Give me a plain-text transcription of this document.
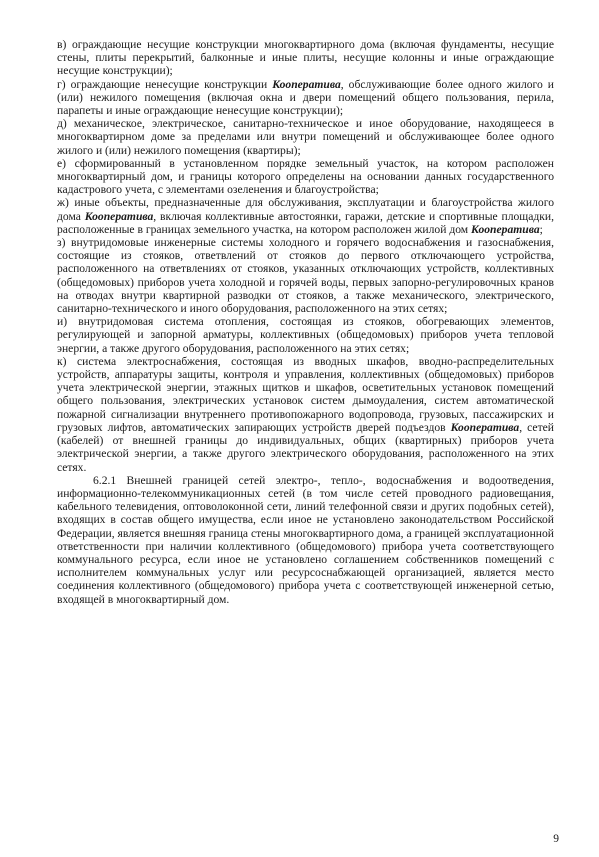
в) ограждающие несущие конструкции многоквартирного дома (включая фундаменты, несущие стены, плиты перекрытий, балконные и иные плиты, несущие колонны и иные ограждающие несущие конструкции);

г) ограждающие ненесущие конструкции Кооператива, обслуживающие более одного жилого и (или) нежилого помещения (включая окна и двери помещений общего пользования, перила, парапеты и иные ограждающие ненесущие конструкции);

д) механическое, электрическое, санитарно-техническое и иное оборудование, находящееся в многоквартирном доме за пределами или внутри помещений и обслуживающее более одного жилого и (или) нежилого помещения (квартиры);

е) сформированный в установленном порядке земельный участок, на котором расположен многоквартирный дом, и границы которого определены на основании данных государственного кадастрового учета, с элементами озеленения и благоустройства;

ж) иные объекты, предназначенные для обслуживания, эксплуатации и благоустройства жилого дома Кооператива, включая коллективные автостоянки, гаражи, детские и спортивные площадки, расположенные в границах земельного участка, на котором расположен жилой дом Кооператива;

з) внутридомовые инженерные системы холодного и горячего водоснабжения и газоснабжения, состоящие из стояков, ответвлений от стояков до первого отключающего устройства, расположенного на ответвлениях от стояков, указанных отключающих устройств, коллективных (общедомовых) приборов учета холодной и горячей воды, первых запорно-регулировочных кранов на отводах внутри квартирной разводки от стояков, а также механического, электрического, санитарно-технического и иного оборудования, расположенного на этих сетях;

и) внутридомовая система отопления, состоящая из стояков, обогревающих элементов, регулирующей и запорной арматуры, коллективных (общедомовых) приборов учета тепловой энергии, а также другого оборудования, расположенного на этих сетях;

к) система электроснабжения, состоящая из вводных шкафов, вводно-распределительных устройств, аппаратуры защиты, контроля и управления, коллективных (общедомовых) приборов учета электрической энергии, этажных щитков и шкафов, осветительных установок помещений общего пользования, электрических установок систем дымоудаления, систем автоматической пожарной сигнализации внутреннего противопожарного водопровода, грузовых, пассажирских и грузовых лифтов, автоматических запирающих устройств дверей подъездов Кооператива, сетей (кабелей) от внешней границы до индивидуальных, общих (квартирных) приборов учета электрической энергии, а также другого электрического оборудования, расположенного на этих сетях.

6.2.1 Внешней границей сетей электро-, тепло-, водоснабжения и водоотведения, информационно-телекоммуникационных сетей (в том числе сетей проводного радиовещания, кабельного телевидения, оптоволоконной сети, линий телефонной связи и других подобных сетей), входящих в состав общего имущества, если иное не установлено законодательством Российской Федерации, является внешняя граница стены многоквартирного дома, а границей эксплуатационной ответственности при наличии коллективного (общедомового) прибора учета соответствующего коммунального ресурса, если иное не установлено соглашением собственников помещений с исполнителем коммунальных услуг или ресурсоснабжающей организацией, является место соединения коллективного (общедомового) прибора учета с соответствующей инженерной сетью, входящей в многоквартирный дом.

9
